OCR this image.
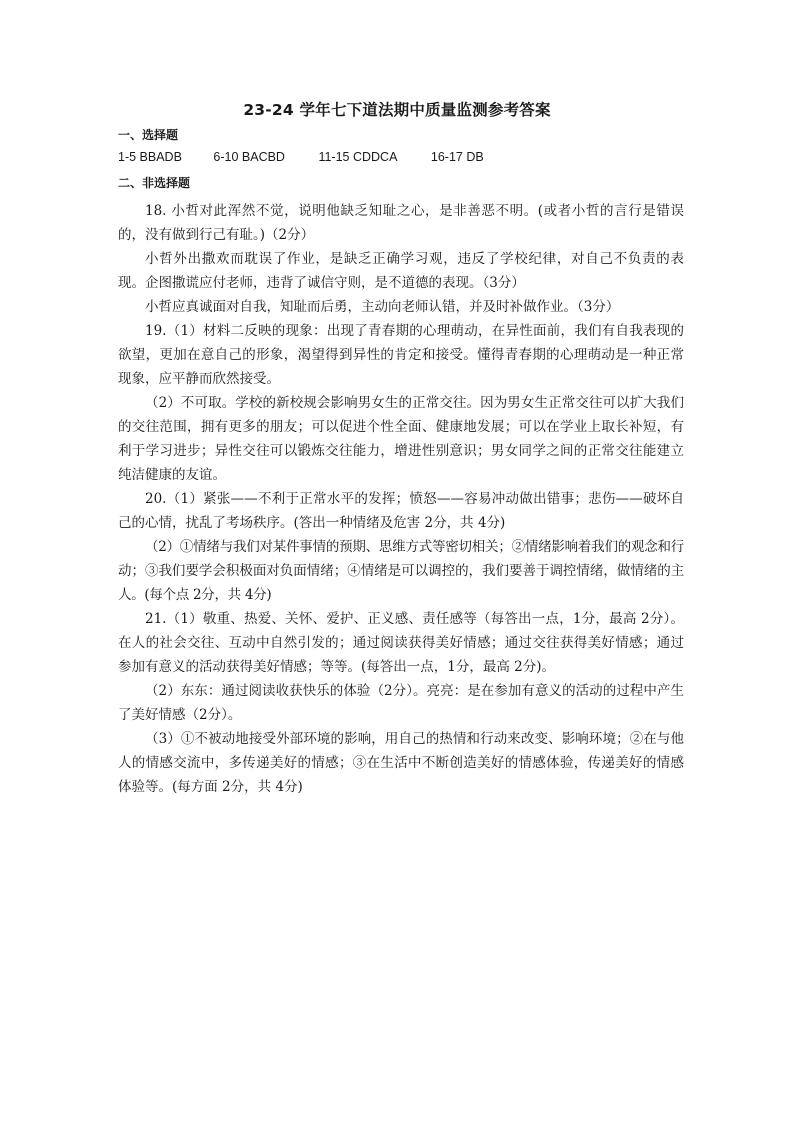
23-24 学年七下道法期中质量监测参考答案
一、选择题
1-5 BBADB	6-10 BACBD	11-15 CDDCA	16-17 DB
二、非选择题

18. 小哲对此浑然不觉，说明他缺乏知耻之心，是非善恶不明。(或者小哲的言行是错误的，没有做到行己有耻。)（2分）

小哲外出撒欢而耽误了作业，是缺乏正确学习观，违反了学校纪律，对自己不负责的表现。企图撒谎应付老师，违背了诚信守则，是不道德的表现。（3分）

小哲应真诚面对自我，知耻而后勇，主动向老师认错，并及时补做作业。（3分）

19.（1）材料二反映的现象：出现了青春期的心理萌动，在异性面前，我们有自我表现的欲望，更加在意自己的形象，渴望得到异性的肯定和接受。懂得青春期的心理萌动是一种正常现象，应平静而欣然接受。

（2）不可取。学校的新校规会影响男女生的正常交往。因为男女生正常交往可以扩大我们的交往范围，拥有更多的朋友；可以促进个性全面、健康地发展；可以在学业上取长补短，有利于学习进步；异性交往可以锻炼交往能力，增进性别意识；男女同学之间的正常交往能建立纯洁健康的友谊。

20.（1）紧张——不利于正常水平的发挥；愤怒——容易冲动做出错事；悲伤——破坏自己的心情，扰乱了考场秩序。(答出一种情绪及危害 2分，共 4分)

（2）①情绪与我们对某件事情的预期、思维方式等密切相关；②情绪影响着我们的观念和行动；③我们要学会积极面对负面情绪；④情绪是可以调控的，我们要善于调控情绪，做情绪的主人。(每个点 2分，共 4分)

21.（1）敬重、热爱、关怀、爱护、正义感、责任感等（每答出一点，1分，最高 2分）。在人的社会交往、互动中自然引发的；通过阅读获得美好情感；通过交往获得美好情感；通过参加有意义的活动获得美好情感；等等。(每答出一点，1分，最高 2分)。

（2）东东：通过阅读收获快乐的体验（2分）。亮亮：是在参加有意义的活动的过程中产生了美好情感（2分）。

（3）①不被动地接受外部环境的影响，用自己的热情和行动来改变、影响环境；②在与他人的情感交流中，多传递美好的情感；③在生活中不断创造美好的情感体验，传递美好的情感体验等。(每方面 2分，共 4分)
